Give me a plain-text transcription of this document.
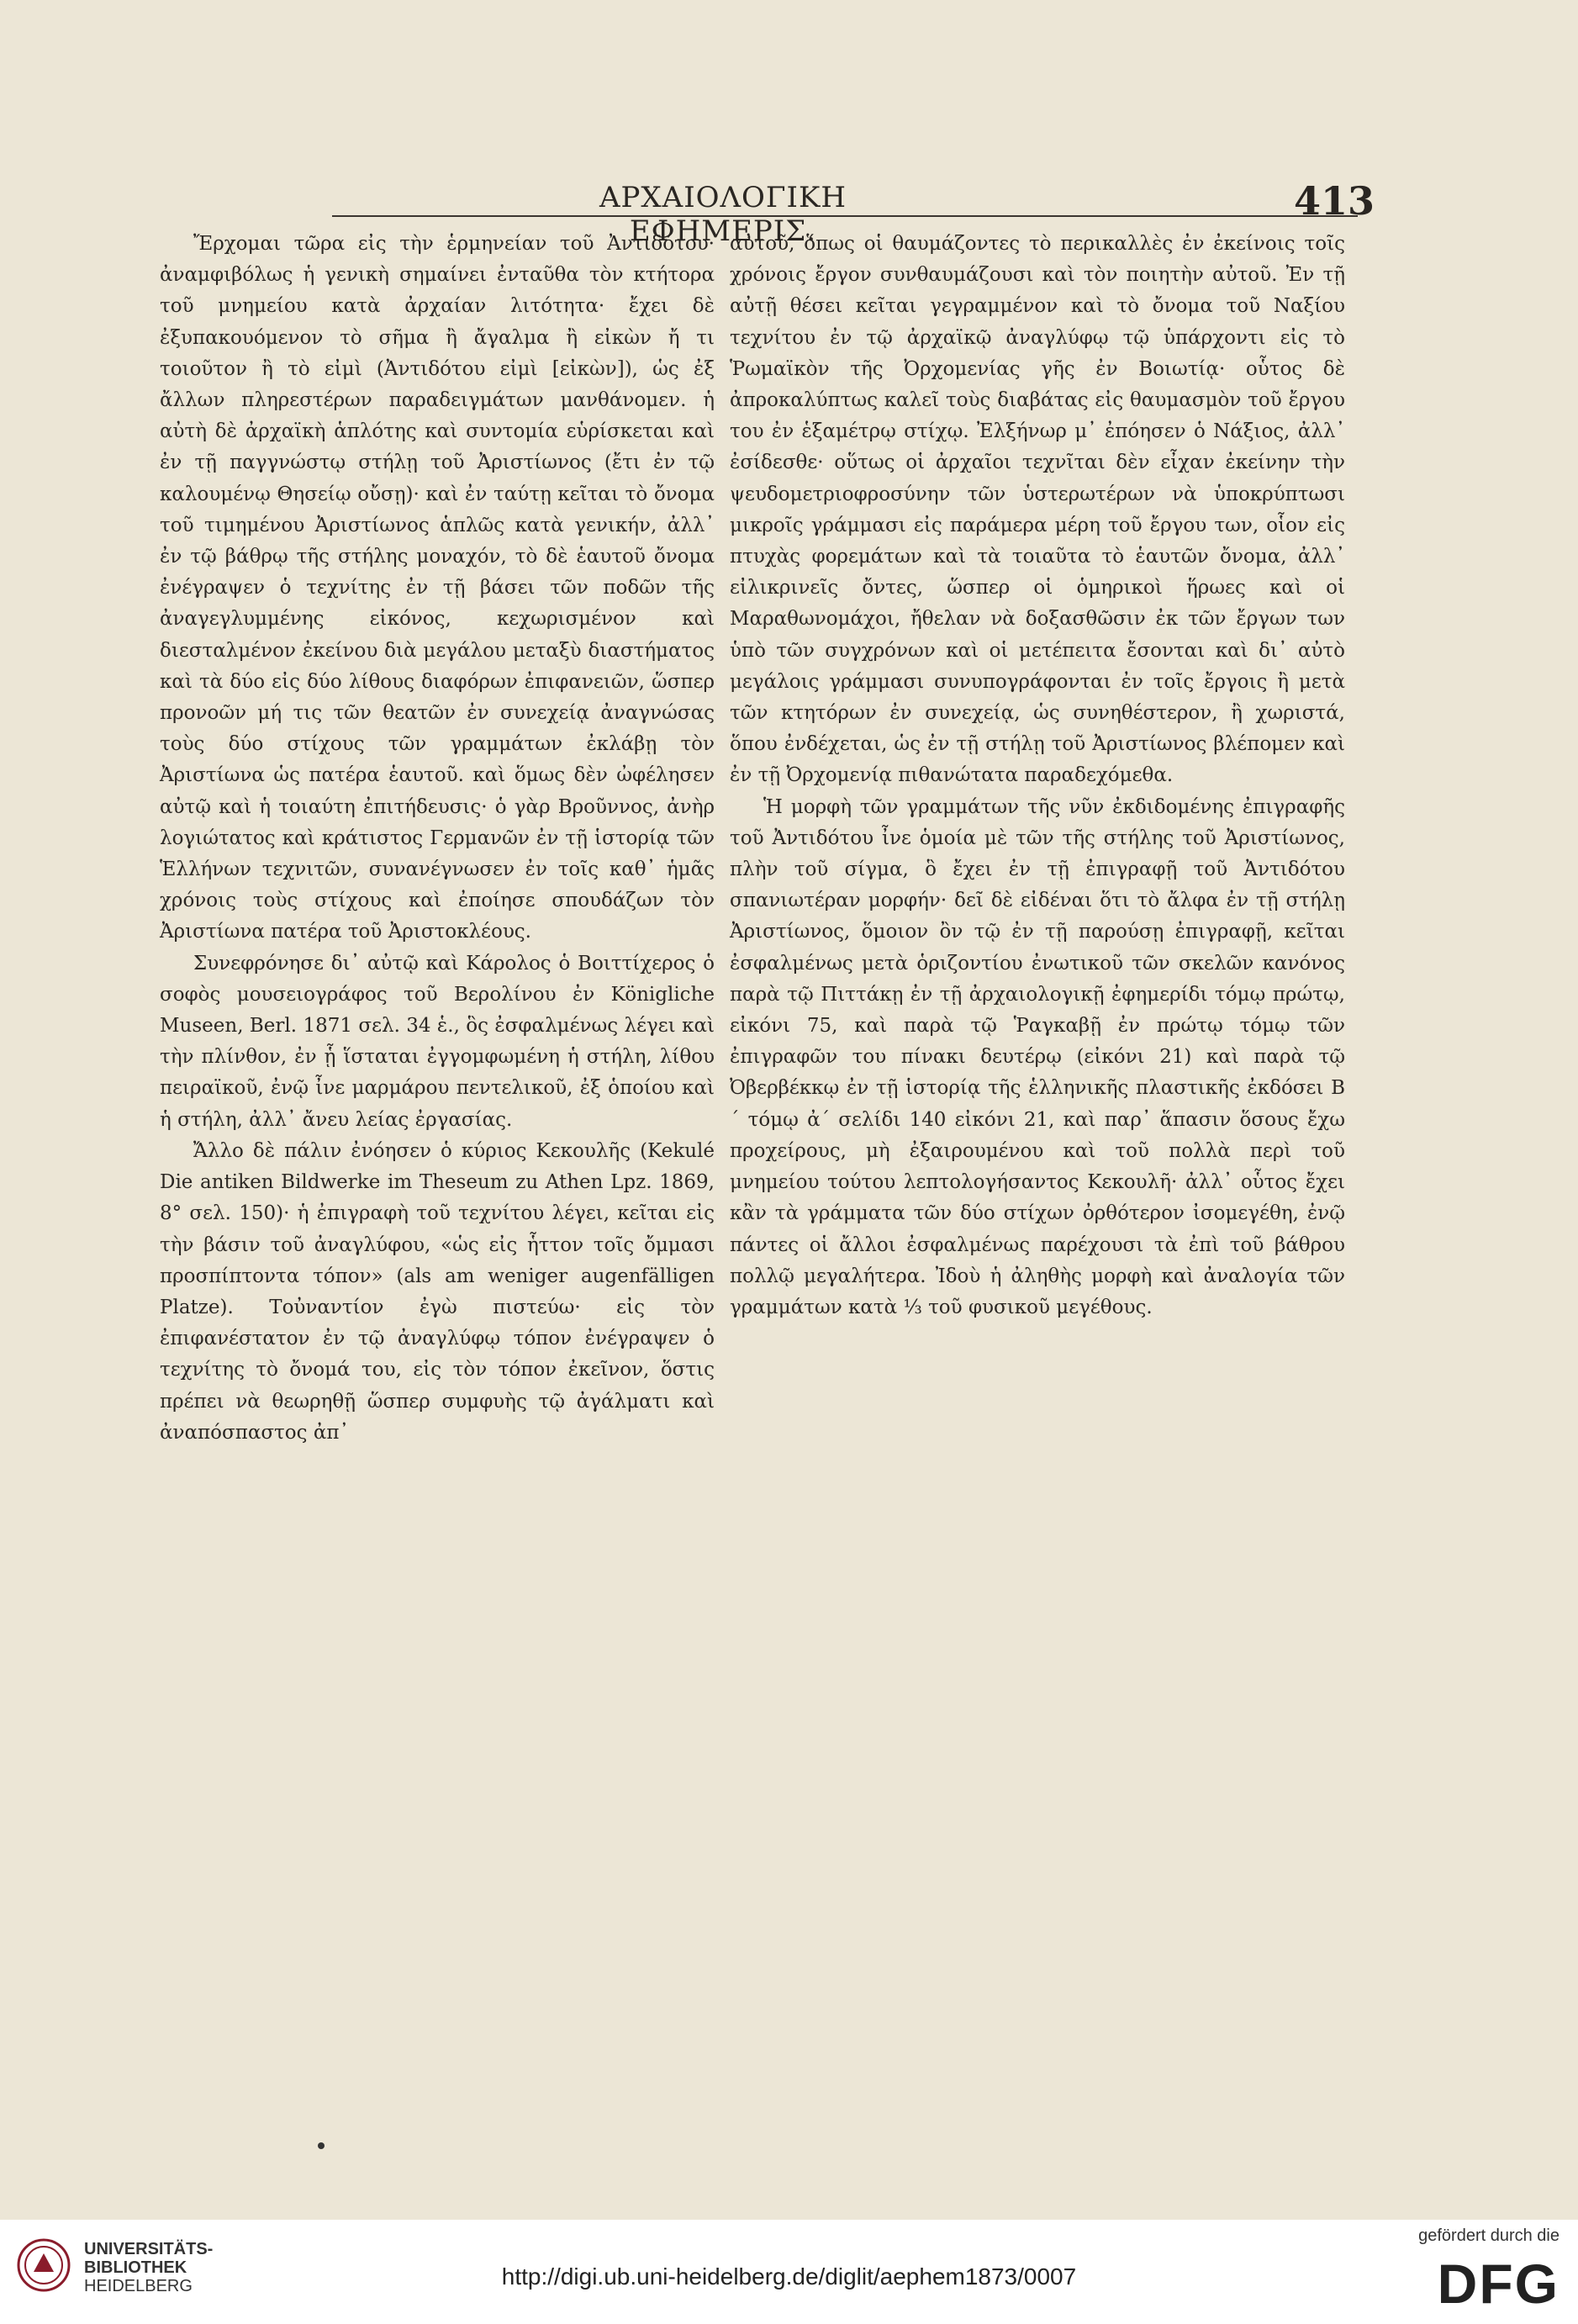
ΑΡΧΑΙΟΛΟΓΙΚΗ ΕΦΗΜΕΡΙΣ.
413

Ἔρχομαι τῶρα εἰς τὴν ἑρμηνείαν τοῦ Ἀντιδότου· ἀναμφιβόλως ἡ γενικὴ σημαίνει ἐνταῦθα τὸν κτήτορα τοῦ μνημείου κατὰ ἀρχαίαν λιτότητα· ἔχει δὲ ἐξυπακουόμενον τὸ σῆμα ἢ ἄγαλμα ἢ εἰκὼν ἤ τι τοιοῦτον ἢ τὸ εἰμὶ (Ἀντιδότου εἰμὶ [εἰκὼν]), ὡς ἐξ ἄλλων πληρεστέρων παραδειγμάτων μανθάνομεν. ἡ αὐτὴ δὲ ἀρχαϊκὴ ἁπλότης καὶ συντομία εὑρίσκεται καὶ ἐν τῇ παγγνώστῳ στήλῃ τοῦ Ἀριστίωνος (ἔτι ἐν τῷ καλουμένῳ Θησείῳ οὔσῃ)· καὶ ἐν ταύτῃ κεῖται τὸ ὄνομα τοῦ τιμημένου Ἀριστίωνος ἁπλῶς κατὰ γενικήν, ἀλλ᾽ ἐν τῷ βάθρῳ τῆς στήλης μοναχόν, τὸ δὲ ἑαυτοῦ ὄνομα ἐνέγραψεν ὁ τεχνίτης ἐν τῇ βάσει τῶν ποδῶν τῆς ἀναγεγλυμμένης εἰκόνος, κεχωρισμένον καὶ διεσταλμένον ἐκείνου διὰ μεγάλου μεταξὺ διαστήματος καὶ τὰ δύο εἰς δύο λίθους διαφόρων ἐπιφανειῶν, ὥσπερ προνοῶν μή τις τῶν θεατῶν ἐν συνεχείᾳ ἀναγνώσας τοὺς δύο στίχους τῶν γραμμάτων ἐκλάβῃ τὸν Ἀριστίωνα ὡς πατέρα ἑαυτοῦ. καὶ ὅμως δὲν ὠφέλησεν αὐτῷ καὶ ἡ τοιαύτη ἐπιτήδευσις· ὁ γὰρ Βροῦννος, ἀνὴρ λογιώτατος καὶ κράτιστος Γερμανῶν ἐν τῇ ἱστορίᾳ τῶν Ἑλλήνων τεχνιτῶν, συνανέγνωσεν ἐν τοῖς καθ᾽ ἡμᾶς χρόνοις τοὺς στίχους καὶ ἐποίησε σπουδάζων τὸν Ἀριστίωνα πατέρα τοῦ Ἀριστοκλέους.

Συνεφρόνησε δι᾽ αὐτῷ καὶ Κάρολος ὁ Βοιττίχερος ὁ σοφὸς μουσειογράφος τοῦ Βερολίνου ἐν Königliche Museen, Berl. 1871 σελ. 34 ἑ., ὃς ἐσφαλμένως λέγει καὶ τὴν πλίνθον, ἐν ᾗ ἵσταται ἐγγομφωμένη ἡ στήλη, λίθου πειραϊκοῦ, ἐνῷ ἶνε μαρμάρου πεντελικοῦ, ἐξ ὁποίου καὶ ἡ στήλη, ἀλλ᾽ ἄνευ λείας ἐργασίας.

Ἄλλο δὲ πάλιν ἐνόησεν ὁ κύριος Κεκουλῆς (Kekulé Die antiken Bildwerke im Theseum zu Athen Lpz. 1869, 8° σελ. 150)· ἡ ἐπιγραφὴ τοῦ τεχνίτου λέγει, κεῖται εἰς τὴν βάσιν τοῦ ἀναγλύφου, «ὡς εἰς ἧττον τοῖς ὄμμασι προσπίπτοντα τόπον» (als am weniger augenfälligen Platze). Τοὐναντίον ἐγὼ πιστεύω· εἰς τὸν ἐπιφανέστατον ἐν τῷ ἀναγλύφῳ τόπον ἐνέγραψεν ὁ τεχνίτης τὸ ὄνομά του, εἰς τὸν τόπον ἐκεῖνον, ὅστις πρέπει νὰ θεωρηθῇ ὥσπερ συμφυὴς τῷ ἀγάλματι καὶ ἀναπόσπαστος ἀπ᾽

αὐτοῦ, ὅπως οἱ θαυμάζοντες τὸ περικαλλὲς ἐν ἐκείνοις τοῖς χρόνοις ἔργον συνθαυμάζουσι καὶ τὸν ποιητὴν αὐτοῦ. Ἐν τῇ αὐτῇ θέσει κεῖται γεγραμμένον καὶ τὸ ὄνομα τοῦ Ναξίου τεχνίτου ἐν τῷ ἀρχαϊκῷ ἀναγλύφῳ τῷ ὑπάρχοντι εἰς τὸ Ῥωμαϊκὸν τῆς Ὀρχομενίας γῆς ἐν Βοιωτίᾳ· οὗτος δὲ ἀπροκαλύπτως καλεῖ τοὺς διαβάτας εἰς θαυμασμὸν τοῦ ἔργου του ἐν ἑξαμέτρῳ στίχῳ. Ἐλξήνωρ μ᾽ ἐπόησεν ὁ Νάξιος, ἀλλ᾽ ἐσίδεσθε· οὕτως οἱ ἀρχαῖοι τεχνῖται δὲν εἶχαν ἐκείνην τὴν ψευδομετριοφροσύνην τῶν ὑστερωτέρων νὰ ὑποκρύπτωσι μικροῖς γράμμασι εἰς παράμερα μέρη τοῦ ἔργου των, οἷον εἰς πτυχὰς φορεμάτων καὶ τὰ τοιαῦτα τὸ ἑαυτῶν ὄνομα, ἀλλ᾽ εἰλικρινεῖς ὄντες, ὥσπερ οἱ ὁμηρικοὶ ἥρωες καὶ οἱ Μαραθωνομάχοι, ἤθελαν νὰ δοξασθῶσιν ἐκ τῶν ἔργων των ὑπὸ τῶν συγχρόνων καὶ οἱ μετέπειτα ἔσονται καὶ δι᾽ αὐτὸ μεγάλοις γράμμασι συνυπογράφονται ἐν τοῖς ἔργοις ἢ μετὰ τῶν κτητόρων ἐν συνεχείᾳ, ὡς συνηθέστερον, ἢ χωριστά, ὅπου ἐνδέχεται, ὡς ἐν τῇ στήλῃ τοῦ Ἀριστίωνος βλέπομεν καὶ ἐν τῇ Ὀρχομενίᾳ πιθανώτατα παραδεχόμεθα.

Ἡ μορφὴ τῶν γραμμάτων τῆς νῦν ἐκδιδομένης ἐπιγραφῆς τοῦ Ἀντιδότου ἶνε ὁμοία μὲ τῶν τῆς στήλης τοῦ Ἀριστίωνος, πλὴν τοῦ σίγμα, ὃ ἔχει ἐν τῇ ἐπιγραφῇ τοῦ Ἀντιδότου σπανιωτέραν μορφήν· δεῖ δὲ εἰδέναι ὅτι τὸ ἄλφα ἐν τῇ στήλῃ Ἀριστίωνος, ὅμοιον ὂν τῷ ἐν τῇ παρούσῃ ἐπιγραφῇ, κεῖται ἐσφαλμένως μετὰ ὁριζοντίου ἐνωτικοῦ τῶν σκελῶν κανόνος παρὰ τῷ Πιττάκῃ ἐν τῇ ἀρχαιολογικῇ ἐφημερίδι τόμῳ πρώτῳ, εἰκόνι 75, καὶ παρὰ τῷ Ῥαγκαβῇ ἐν πρώτῳ τόμῳ τῶν ἐπιγραφῶν του πίνακι δευτέρῳ (εἰκόνι 21) καὶ παρὰ τῷ Ὀβερβέκκῳ ἐν τῇ ἱστορίᾳ τῆς ἑλληνικῆς πλαστικῆς ἐκδόσει Β´ τόμῳ ἀ´ σελίδι 140 εἰκόνι 21, καὶ παρ᾽ ἅπασιν ὅσους ἔχω προχείρους, μὴ ἐξαιρουμένου καὶ τοῦ πολλὰ περὶ τοῦ μνημείου τούτου λεπτολογήσαντος Κεκουλῆ· ἀλλ᾽ οὗτος ἔχει κἂν τὰ γράμματα τῶν δύο στίχων ὀρθότερον ἰσομεγέθη, ἐνῷ πάντες οἱ ἄλλοι ἐσφαλμένως παρέχουσι τὰ ἐπὶ τοῦ βάθρου πολλῷ μεγαλήτερα. Ἰδοὺ ἡ ἀληθὴς μορφὴ καὶ ἀναλογία τῶν γραμμάτων κατὰ ⅓ τοῦ φυσικοῦ μεγέθους.

UNIVERSITÄTS-
BIBLIOTHEK
HEIDELBERG	http://digi.ub.uni-heidelberg.de/diglit/aephem1873/0007
gefördert durch die
DFG
